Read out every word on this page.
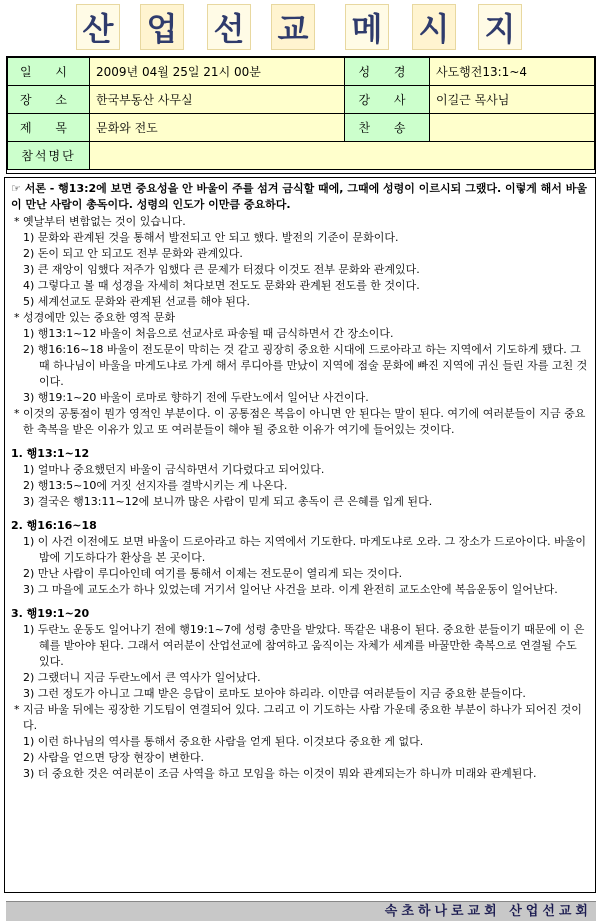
산 업 선 교 메 시 지
일 시	2009년 04월 25일 21시 00분	성 경	사도행전13:1~4
장 소	한국부동산 사무실	강 사	이길근 목사님
제 목	문화와 전도	찬 송	
참석명단			

☞ 서론 - 행13:2에 보면 중요성을 안 바울이 주를 섬겨 금식할 때에, 그때에 성령이 이르시되 그랬다. 이렇게 해서 바울이 만난 사람이 총독이다. 성령의 인도가 이만큼 중요하다.

* 옛날부터 변함없는 것이 있습니다.

1) 문화와 관계된 것을 통해서 발전되고 안 되고 했다. 발전의 기준이 문화이다.

2) 돈이 되고 안 되고도 전부 문화와 관계있다.

3) 큰 재앙이 임했다 저주가 임했다 큰 문제가 터졌다 이것도 전부 문화와 관계있다.

4) 그렇다고 볼 때 성경을 자세히 쳐다보면 전도도 문화와 관계된 전도를 한 것이다.

5) 세계선교도 문화와 관계된 선교를 해야 된다.

* 성경에만 있는 중요한 영적 문화

1) 행13:1~12 바울이 처음으로 선교사로 파송될 때 금식하면서 간 장소이다.

2) 행16:16~18 바울이 전도문이 막히는 것 같고 굉장히 중요한 시대에 드로아라고 하는 지역에서 기도하게 됐다. 그때 하나님이 바울을 마게도냐로 가게 해서 루디아를 만났이 지역에 점술 문화에 빠진 지역에 귀신 들린 자를 고친 것이다.

3) 행19:1~20 바울이 로마로 향하기 전에 두란노에서 일어난 사건이다.

* 이것의 공통점이 뭔가 영적인 부분이다. 이 공통점은 복음이 아니면 안 된다는 말이 된다. 여기에 여러분들이 지금 중요한 축복을 받은 이유가 있고 또 여러분들이 해야 될 중요한 이유가 여기에 들어있는 것이다.

1. 행13:1~12

1) 얼마나 중요했던지 바울이 금식하면서 기다렸다고 되어있다.

2) 행13:5~10에 거짓 선지자를 결박시키는 게 나온다.

3) 결국은 행13:11~12에 보니까 많은 사람이 믿게 되고 총독이 큰 은혜를 입게 된다.

2. 행16:16~18

1) 이 사건 이전에도 보면 바울이 드로아라고 하는 지역에서 기도한다. 마게도냐로 오라. 그 장소가 드로아이다. 바울이 밤에 기도하다가 환상을 본 곳이다.

2) 만난 사람이 루디아인데 여기를 통해서 이제는 전도문이 열리게 되는 것이다.

3) 그 마을에 교도소가 하나 있었는데 거기서 일어난 사건을 보라. 이게 완전히 교도소안에 복음운동이 일어난다.

3. 행19:1~20

1) 두란노 운동도 일어나기 전에 행19:1~7에 성령 충만을 받았다. 똑같은 내용이 된다. 중요한 분들이기 때문에 이 은혜를 받아야 된다. 그래서 여러분이 산업선교에 참여하고 움직이는 자체가 세계를 바꿀만한 축복으로 연결될 수도 있다.

2) 그랬더니 지금 두란노에서 큰 역사가 일어났다.

3) 그런 정도가 아니고 그때 받은 응답이 로마도 보아야 하리라. 이만큼 여러분들이 지금 중요한 분들이다.

* 지금 바울 뒤에는 굉장한 기도팀이 연결되어 있다. 그리고 이 기도하는 사람 가운데 중요한 부분이 하나가 되어진 것이다.

1) 이런 하나님의 역사를 통해서 중요한 사람을 얻게 된다. 이것보다 중요한 게 없다.

2) 사람을 얻으면 당장 현장이 변한다.

3) 더 중요한 것은 여러분이 조금 사역을 하고 모임을 하는 이것이 뭐와 관계되는가 하니까 미래와 관계된다.

속초하나로교회 산업선교회
